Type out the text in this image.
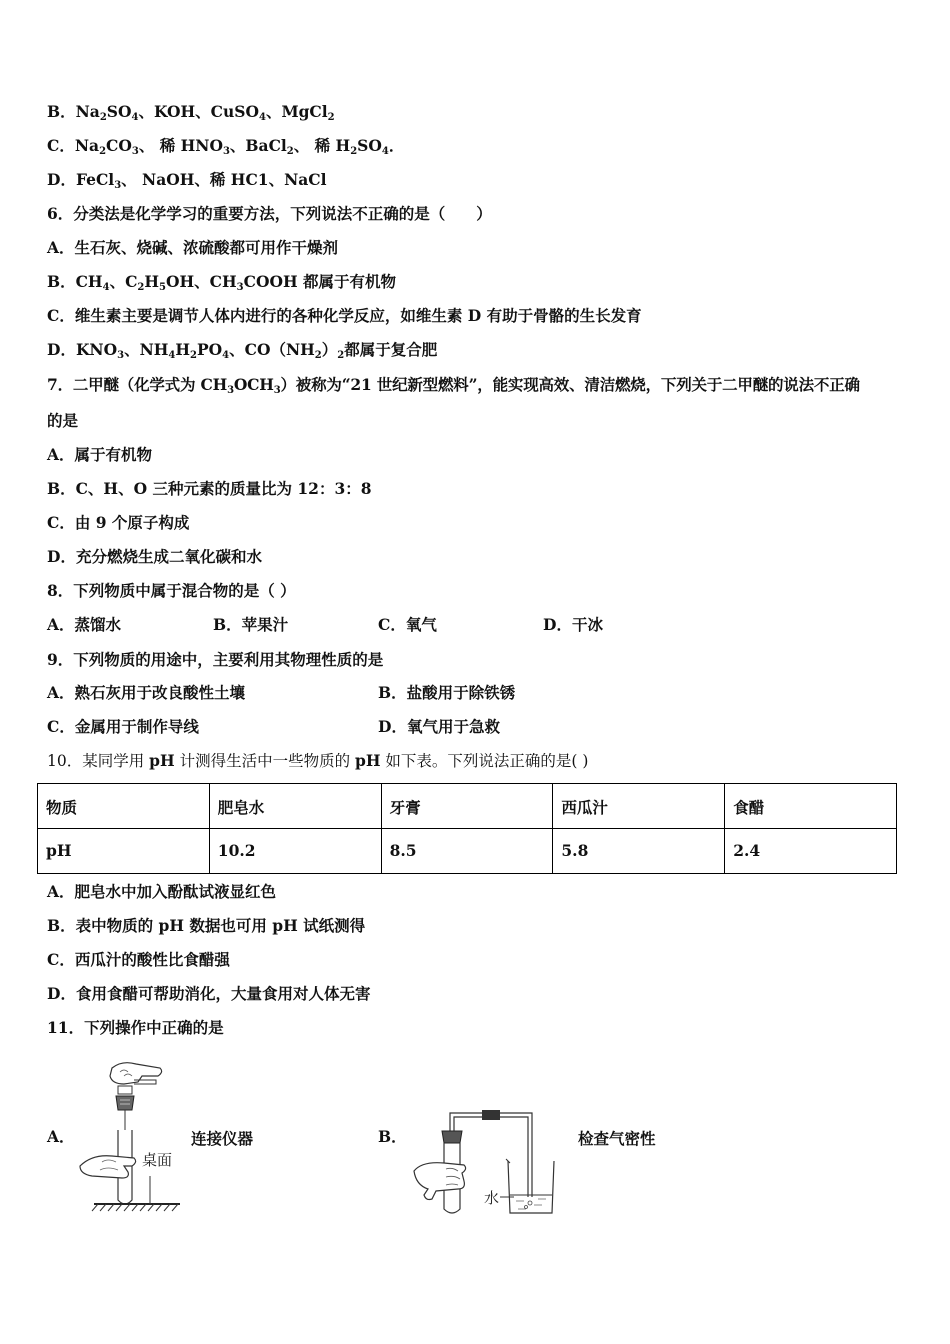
B．$Na_2SO_4$、KOH、CuSO$_4$、MgCl$_2$
C．$Na_2CO_3$、 稀 $HNO_3$、BaCl$_2$、 稀 $H_2SO_4$．
D．FeCl$_3$、 NaOH、稀 HC1、NaCl
6．分类法是化学学习的重要方法，下列说法不正确的是（　　）
A．生石灰、烧碱、浓硫酸都可用作干燥剂
B．$CH_4$、$C_2H_5OH$、$CH_3COOH$ 都属于有机物
C．维生素主要是调节人体内进行的各种化学反应，如维生素 D 有助于骨骼的生长发育
D．$KNO_3$、$NH_4H_2PO_4$、$CO(NH_2)_2$都属于复合肥
7．二甲醚（化学式为 $CH_3OCH_3$）被称为“21 世纪新型燃料”，能实现高效、清洁燃烧，下列关于二甲醚的说法不正确
的是
A．属于有机物
B．C、H、O 三种元素的质量比为 12：3：8
C．由 9 个原子构成
D．充分燃烧生成二氧化碳和水
8．下列物质中属于混合物的是（ ）
A．蒸馏水	B．苹果汁	C．氧气	D．干冰
9．下列物质的用途中，主要利用其物理性质的是
A．熟石灰用于改良酸性土壤	B．盐酸用于除铁锈
C．金属用于制作导线	D．氧气用于急救
10．某同学用 pH 计测得生活中一些物质的 pH 如下表。下列说法正确的是( )
物质	肥皂水	牙膏	西瓜汁	食醋
pH	10.2	8.5	5.8	2.4
A．肥皂水中加入酚酞试液显红色
B．表中物质的 pH 数据也可用 pH 试纸测得
C．西瓜汁的酸性比食醋强
D．食用食醋可帮助消化，大量食用对人体无害
11．下列操作中正确的是
A．
桌面
连接仪器	B．
水
检查气密性
